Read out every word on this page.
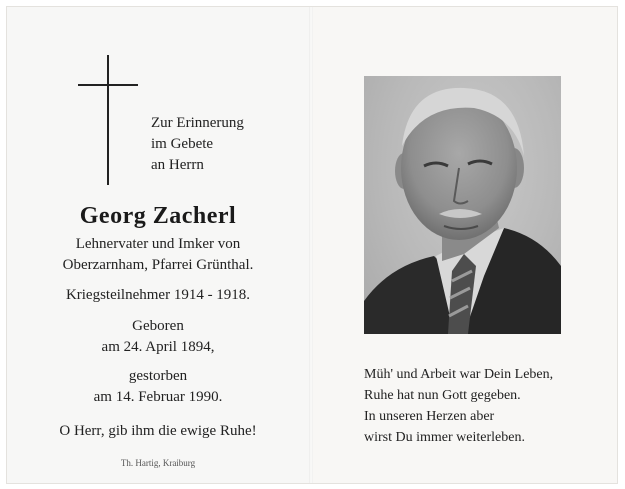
Zur Erinnerung
im Gebete
an Herrn
Georg Zacherl
Lehnervater und Imker von
Oberzarnham, Pfarrei Grünthal.
Kriegsteilnehmer 1914 - 1918.
Geboren
am 24. April 1894,
gestorben
am 14. Februar 1990.
O Herr, gib ihm die ewige Ruhe!
Th. Hartig, Kraiburg
Müh' und Arbeit war Dein Leben,
Ruhe hat nun Gott gegeben.
In unseren Herzen aber
wirst Du immer weiterleben.
